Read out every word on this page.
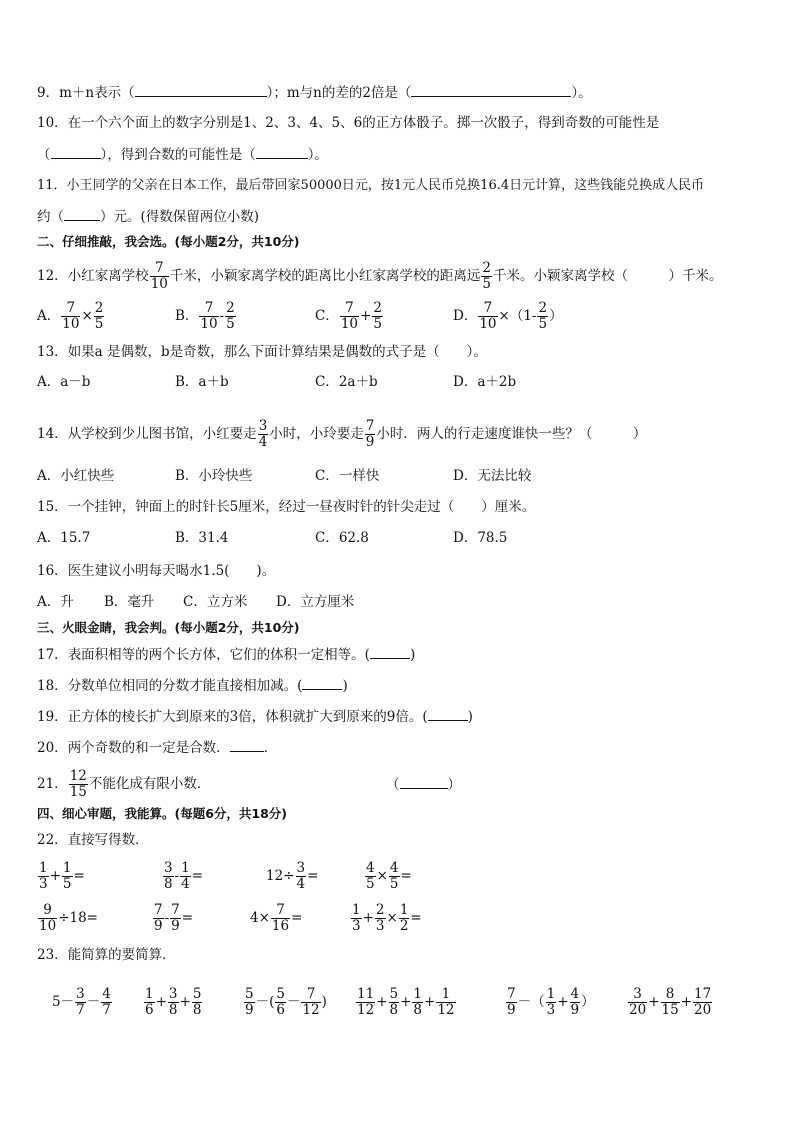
9．m＋n表示（	）；m与n的差的2倍是（	）。
10．在一个六个面上的数字分别是1、2、3、4、5、6的正方体骰子。掷一次骰子，得到奇数的可能性是
（	），得到合数的可能性是（	）。
11．小王同学的父亲在日本工作，最后带回家50000日元，按1元人民币兑换16.4日元计算，这些钱能兑换成人民币
约（	）元。(得数保留两位小数)
二、仔细推敲，我会选。(每小题2分，共10分)
12．小红家离学校 $\frac{7}{10}$ 千米，小颖家离学校的距离比小红家离学校的距离远 $\frac{2}{5}$ 千米。小颖家离学校（　　　）千米。
A． $\frac{7}{10} \times \frac{2}{5}$	B． $\frac{7}{10} - \frac{2}{5}$	C． $\frac{7}{10} + \frac{2}{5}$	D． $\frac{7}{10} \times(1- \frac{2}{5}$ ）
13．如果a 是偶数，b是奇数，那么下面计算结果是偶数的式子是（　　）。
A．a－b	B．a＋b	C．2a＋b	D．a＋2b
14．从学校到少儿图书馆，小红要走 $\frac{3}{4}$ 小时，小玲要走 $\frac{7}{9}$ 小时．两人的行走速度谁快一些？（　　　）
A．小红快些	B．小玲快些	C．一样快	D．无法比较
15．一个挂钟，钟面上的时针长5厘米，经过一昼夜时针的针尖走过（　　）厘米。
A．15.7	B．31.4	C．62.8	D．78.5
16．医生建议小明每天喝水1.5(　　)。
A．升 B．毫升 C．立方米 D．立方厘米
三、火眼金睛，我会判。(每小题2分，共10分)
17．表面积相等的两个长方体，它们的体积一定相等。(	)
18．分数单位相同的分数才能直接相加减。(	)
19．正方体的棱长扩大到原来的3倍，体积就扩大到原来的9倍。(	)
20．两个奇数的和一定是合数．	．
21． $\frac{12}{15}$ 不能化成有限小数．	（	）
四、细心审题，我能算。(每题6分，共18分)
22．直接写得数．
$\frac{1}{3} + \frac{1}{5}$ =	$\frac{3}{8} - \frac{1}{4}$ =	$12\div \frac{3}{4}$ =	$\frac{4}{5} \times \frac{4}{5}$ =
$\frac{9}{10} \div 18=$	$\frac{7}{9} - \frac{7}{9}$ =	$4\times \frac{7}{16}$ =	$\frac{1}{3} + \frac{2}{3} \times \frac{1}{2}$ =
23．能简算的要简算．
$5- \frac{3}{7} - \frac{4}{7} \frac{1}{6} + \frac{3}{8} + \frac{5}{8}$	$\frac{5}{9}$ －( $\frac{5}{6} - \frac{7}{12}$ ) $\frac{11}{12} + \frac{5}{8} + \frac{1}{8} + \frac{1}{12}$	$\frac{7}{9}$ －（ $\frac{1}{3} + \frac{4}{9}$ ） $\frac{3}{20} + \frac{8}{15} + \frac{17}{20}$
